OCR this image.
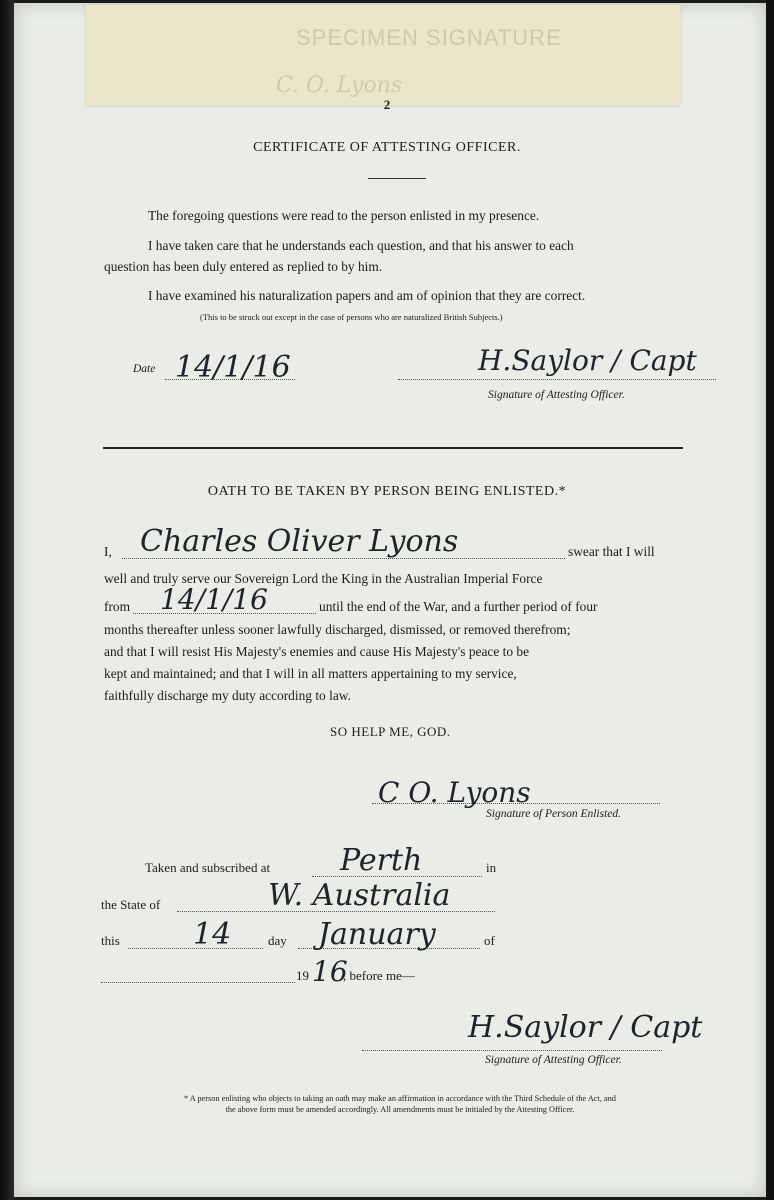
SPECIMEN SIGNATURE
C. O. Lyons
2
CERTIFICATE OF ATTESTING OFFICER.
The foregoing questions were read to the person enlisted in my presence.
I have taken care that he understands each question, and that his answer to each
question has been duly entered as replied to by him.
I have examined his naturalization papers and am of opinion that they are correct.
(This to be struck out except in the case of persons who are naturalized British Subjects.)
Date 14/1/16	H.Saylor / Capt
Signature of Attesting Officer.
OATH TO BE TAKEN BY PERSON BEING ENLISTED.*
I, Charles Oliver Lyons	swear that I will
well and truly serve our Sovereign Lord the King in the Australian Imperial Force
from 14/1/16	until the end of the War, and a further period of four
months thereafter unless sooner lawfully discharged, dismissed, or removed therefrom;
and that I will resist His Majesty's enemies and cause His Majesty's peace to be
kept and maintained; and that I will in all matters appertaining to my service,
faithfully discharge my duty according to law.
SO HELP ME, GOD.
C O. Lyons
Signature of Person Enlisted.
Taken and subscribed at Perth	in
the State of	W. Australia
this 14	day January	of
19 16
, before me—
H.Saylor / Capt
Signature of Attesting Officer.
* A person enlisting who objects to taking an oath may make an affirmation in accordance with the Third Schedule of the Act, and
the above form must be amended accordingly. All amendments must be initialed by the Attesting Officer.
